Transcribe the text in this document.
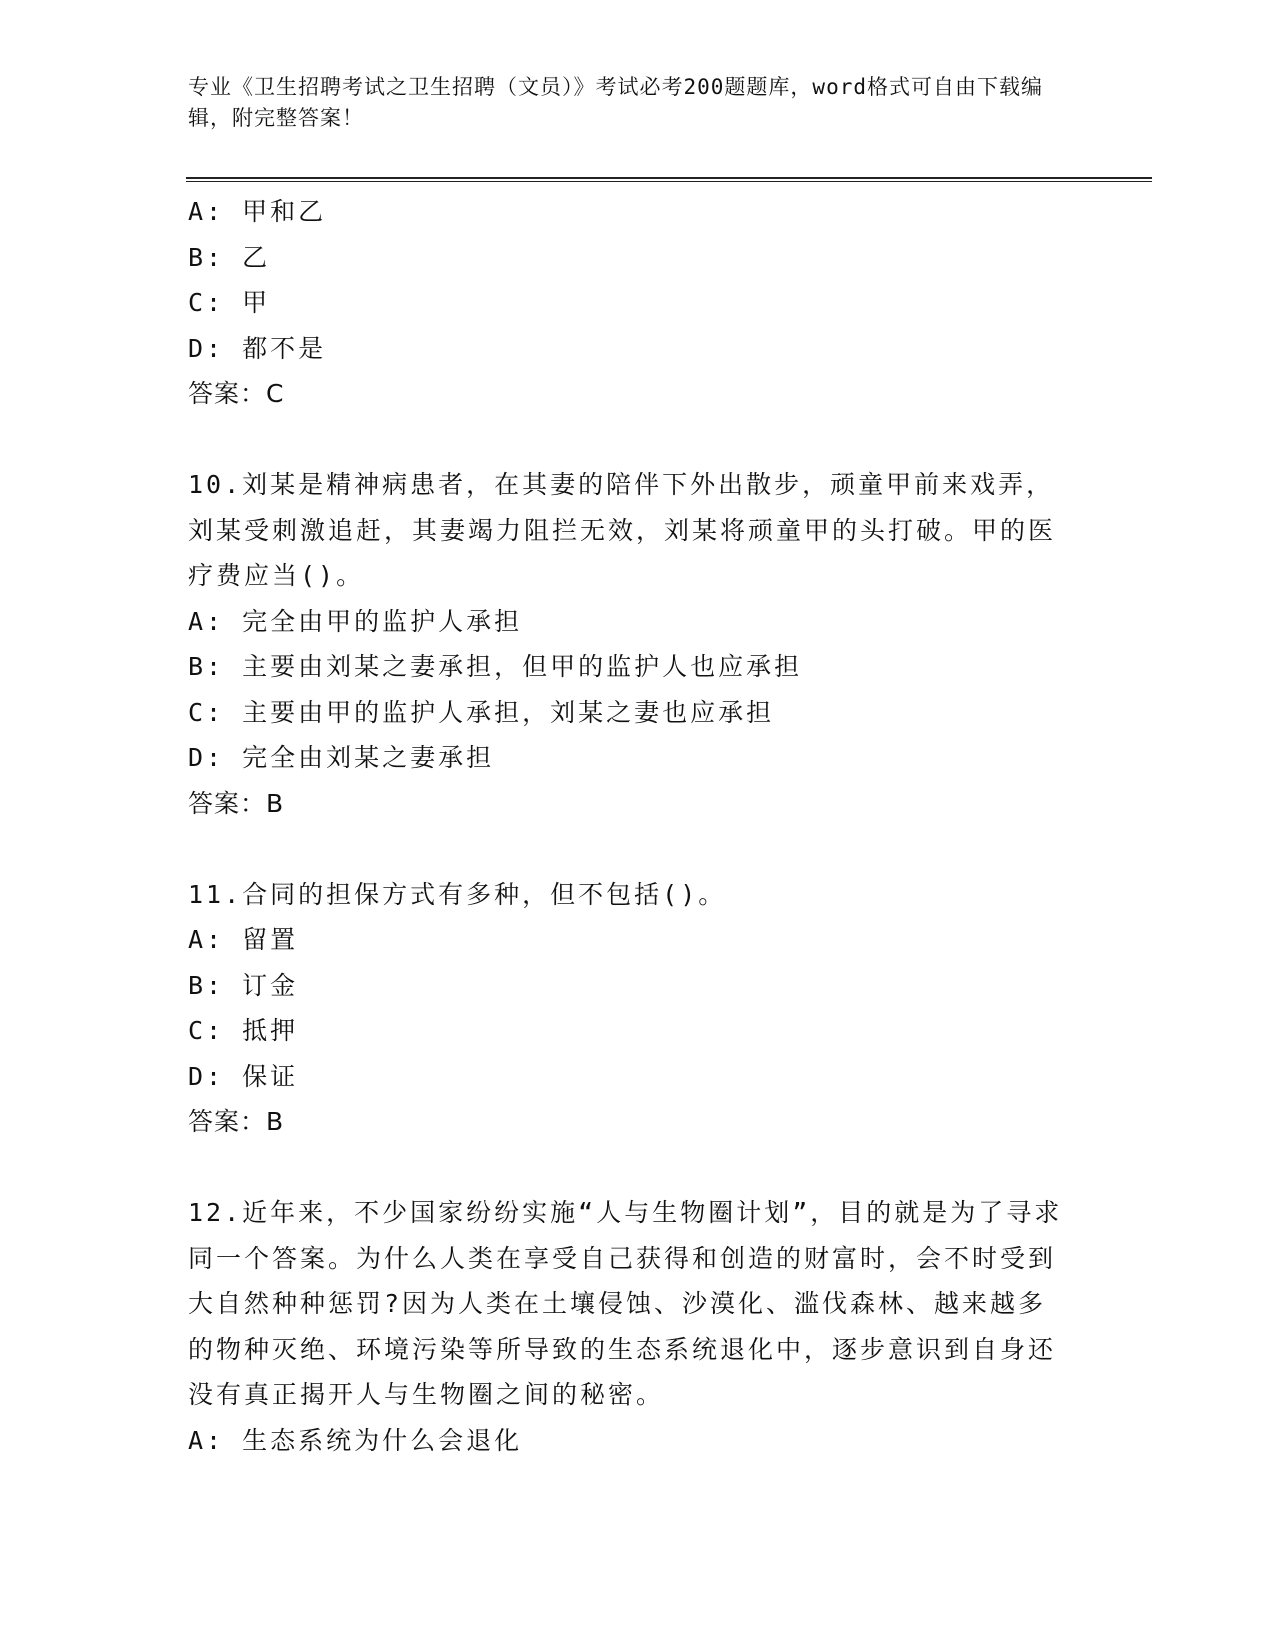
专业《卫生招聘考试之卫生招聘（文员）》考试必考200题题库，word格式可自由下载编辑，附完整答案！
A: 甲和乙
B: 乙
C: 甲
D: 都不是
答案：C
10.刘某是精神病患者，在其妻的陪伴下外出散步，顽童甲前来戏弄，刘某受刺激追赶，其妻竭力阻拦无效，刘某将顽童甲的头打破。甲的医疗费应当()。
A: 完全由甲的监护人承担
B: 主要由刘某之妻承担，但甲的监护人也应承担
C: 主要由甲的监护人承担，刘某之妻也应承担
D: 完全由刘某之妻承担
答案：B
11.合同的担保方式有多种，但不包括()。
A: 留置
B: 订金
C: 抵押
D: 保证
答案：B
12.近年来，不少国家纷纷实施“人与生物圈计划”，目的就是为了寻求同一个答案。为什么人类在享受自己获得和创造的财富时，会不时受到大自然种种惩罚?因为人类在土壤侵蚀、沙漠化、滥伐森林、越来越多的物种灭绝、环境污染等所导致的生态系统退化中，逐步意识到自身还没有真正揭开人与生物圈之间的秘密。
A: 生态系统为什么会退化
